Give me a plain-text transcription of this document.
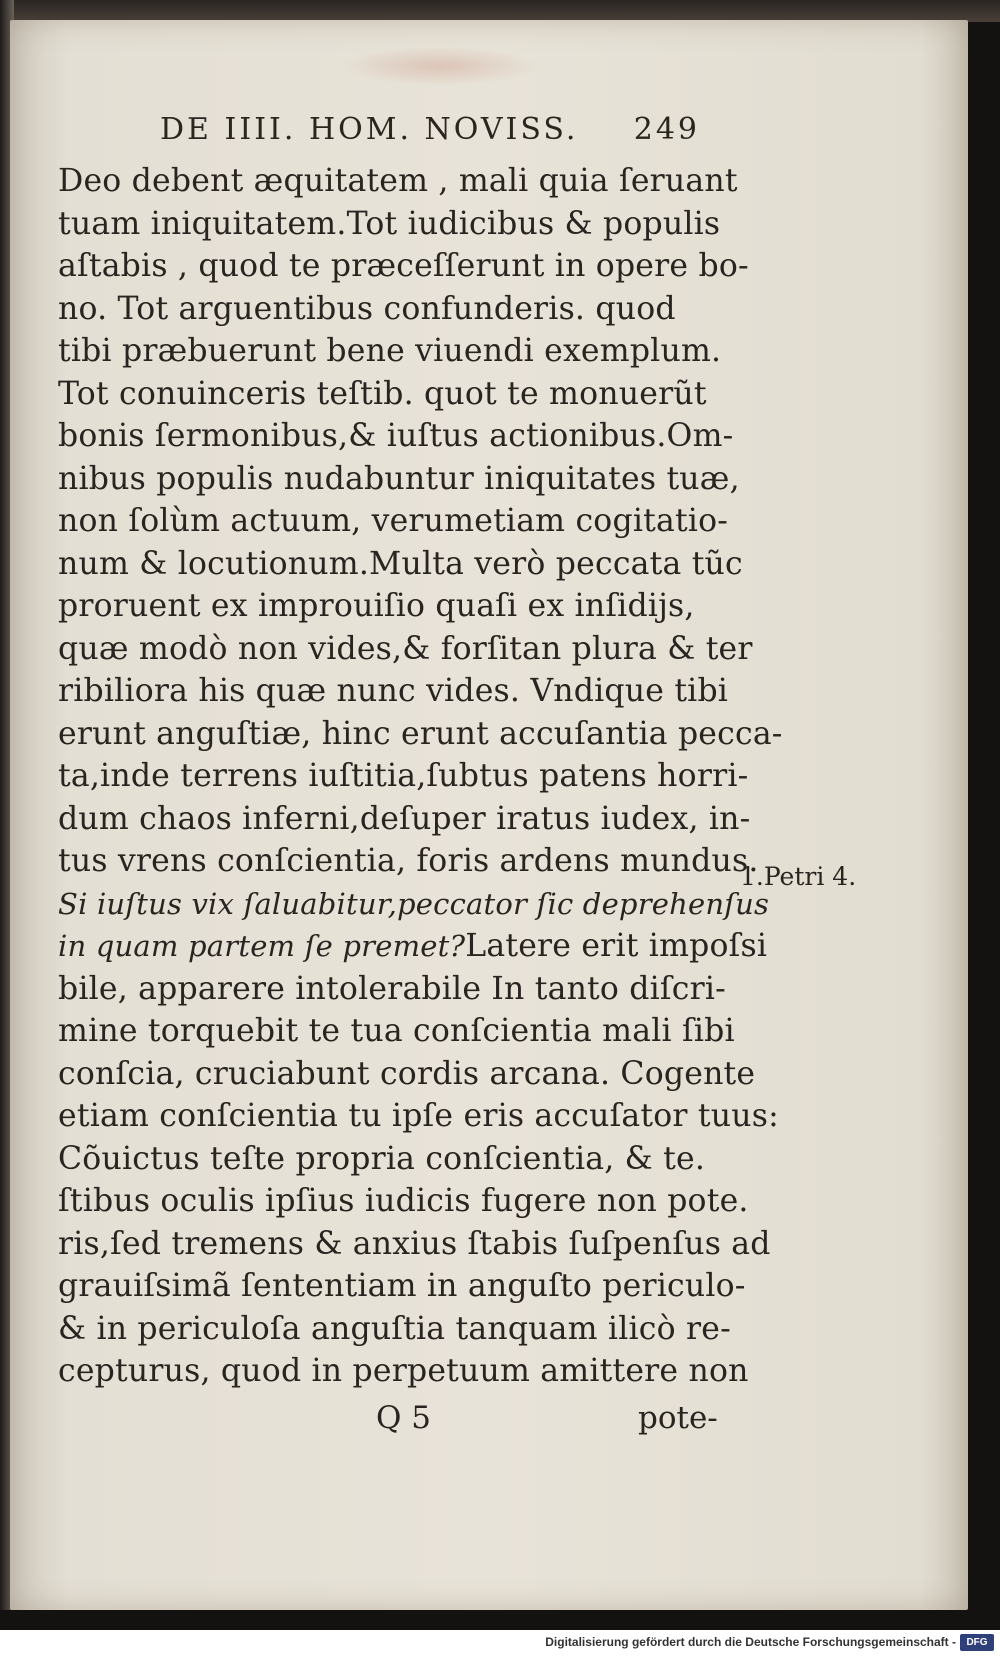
DE IIII. HOM. NOVISS. 249
Deo debent æquitatem , mali quia ſeruant
tuam iniquitatem.Tot iudicibus & populis
aſtabis , quod te præceſſerunt in opere bo-
no. Tot arguentibus confunderis. quod
tibi præbuerunt bene viuendi exemplum.
Tot conuinceris teſtib. quot te monuerũt
bonis ſermonibus,& iuſtus actionibus.Om-
nibus populis nudabuntur iniquitates tuæ,
non ſolùm actuum, verumetiam cogitatio-
num & locutionum.Multa verò peccata tũc
proruent ex improuiſio quaſi ex inſidijs,
quæ modò non vides,& forſitan plura & ter
ribiliora his quæ nunc vides. Vndique tibi
erunt anguſtiæ, hinc erunt accuſantia pecca-
ta,inde terrens iuſtitia,ſubtus patens horri-
dum chaos inferni,deſuper iratus iudex, in-
tus vrens conſcientia, foris ardens mundus.
Si iuſtus vix ſaluabitur,peccator ſic deprehenſus
in quam partem ſe premet?Latere erit impoſsi
bile, apparere intolerabile In tanto diſcri-
mine torquebit te tua conſcientia mali ſibi
conſcia, cruciabunt cordis arcana. Cogente
etiam conſcientia tu ipſe eris accuſator tuus:
Cõuictus teſte propria conſcientia, & te.
ſtibus oculis ipſius iudicis fugere non pote.
ris,ſed tremens & anxius ſtabis ſuſpenſus ad
grauiſsimã ſententiam in anguſto periculo-
& in periculoſa anguſtia tanquam ilicò re-
cepturus, quod in perpetuum amittere non
1.Petri 4.
Q 5	pote-
Digitalisierung gefördert durch die Deutsche Forschungsgemeinschaft -	DFG
